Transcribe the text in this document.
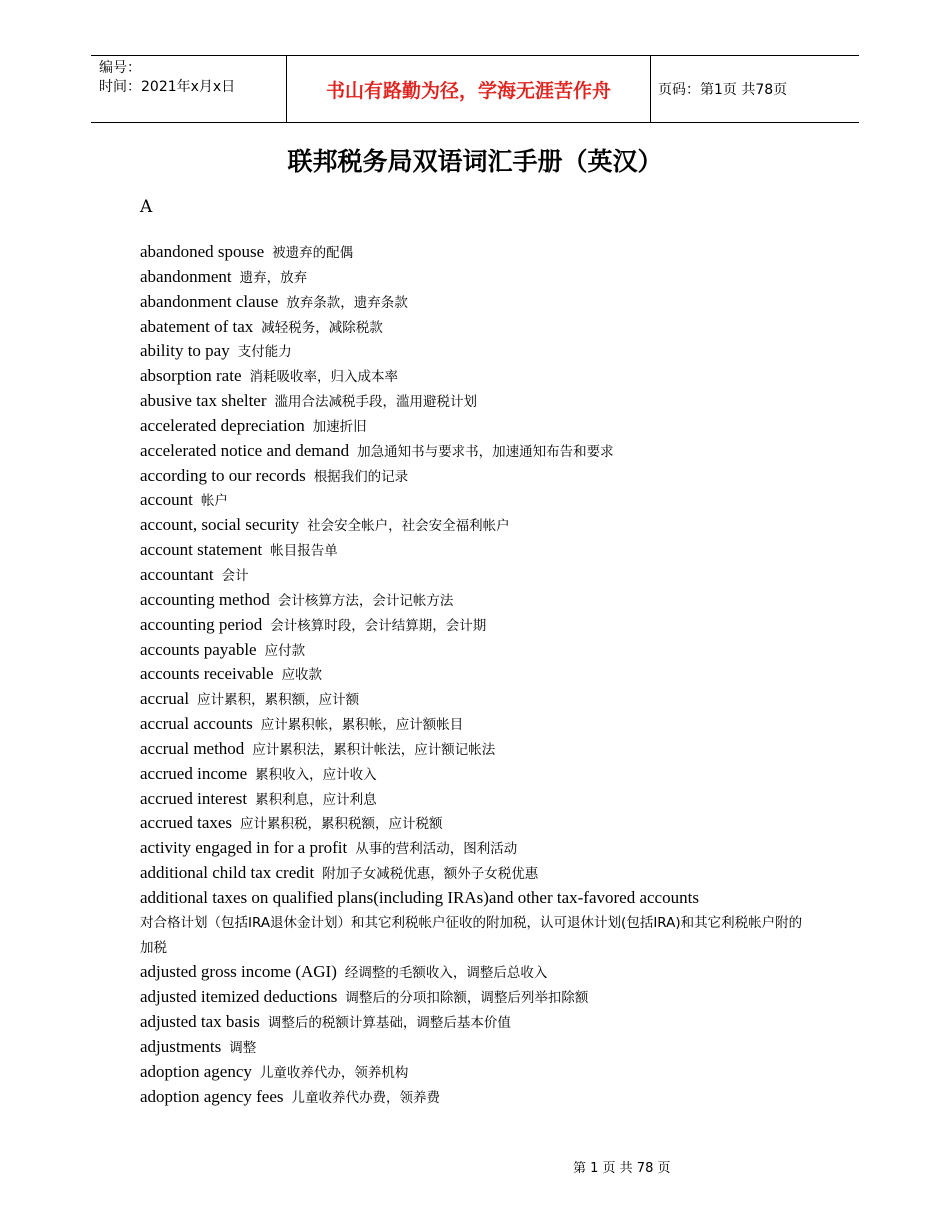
编号：
时间：2021年x月x日	书山有路勤为径，学海无涯苦作舟	页码：第1页 共78页
联邦税务局双语词汇手册（英汉）
A
abandoned spouse 被遗弃的配偶
abandonment 遗弃，放弃
abandonment clause 放弃条款，遗弃条款
abatement of tax 减轻税务，减除税款
ability to pay 支付能力
absorption rate 消耗吸收率，归入成本率
abusive tax shelter 滥用合法减税手段，滥用避税计划
accelerated depreciation 加速折旧
accelerated notice and demand 加急通知书与要求书，加速通知布告和要求
according to our records 根据我们的记录
account 帐户
account, social security 社会安全帐户，社会安全福利帐户
account statement 帐目报告单
accountant 会计
accounting method 会计核算方法，会计记帐方法
accounting period 会计核算时段，会计结算期，会计期
accounts payable 应付款
accounts receivable 应收款
accrual 应计累积，累积额，应计额
accrual accounts 应计累积帐，累积帐，应计额帐目
accrual method 应计累积法，累积计帐法，应计额记帐法
accrued income 累积收入，应计收入
accrued interest 累积利息，应计利息
accrued taxes 应计累积税，累积税额，应计税额
activity engaged in for a profit 从事的营利活动，图利活动
additional child tax credit 附加子女减税优惠，额外子女税优惠
additional taxes on qualified plans(including IRAs)and other tax-favored accounts
对合格计划（包括IRA退休金计划）和其它利税帐户征收的附加税，认可退休计划(包括IRA)和其它利税帐户附的加税
adjusted gross income (AGI) 经调整的毛额收入，调整后总收入
adjusted itemized deductions 调整后的分项扣除额，调整后列举扣除额
adjusted tax basis 调整后的税额计算基础，调整后基本价值
adjustments 调整
adoption agency 儿童收养代办，领养机构
adoption agency fees 儿童收养代办费，领养费
第 1 页 共 78 页
